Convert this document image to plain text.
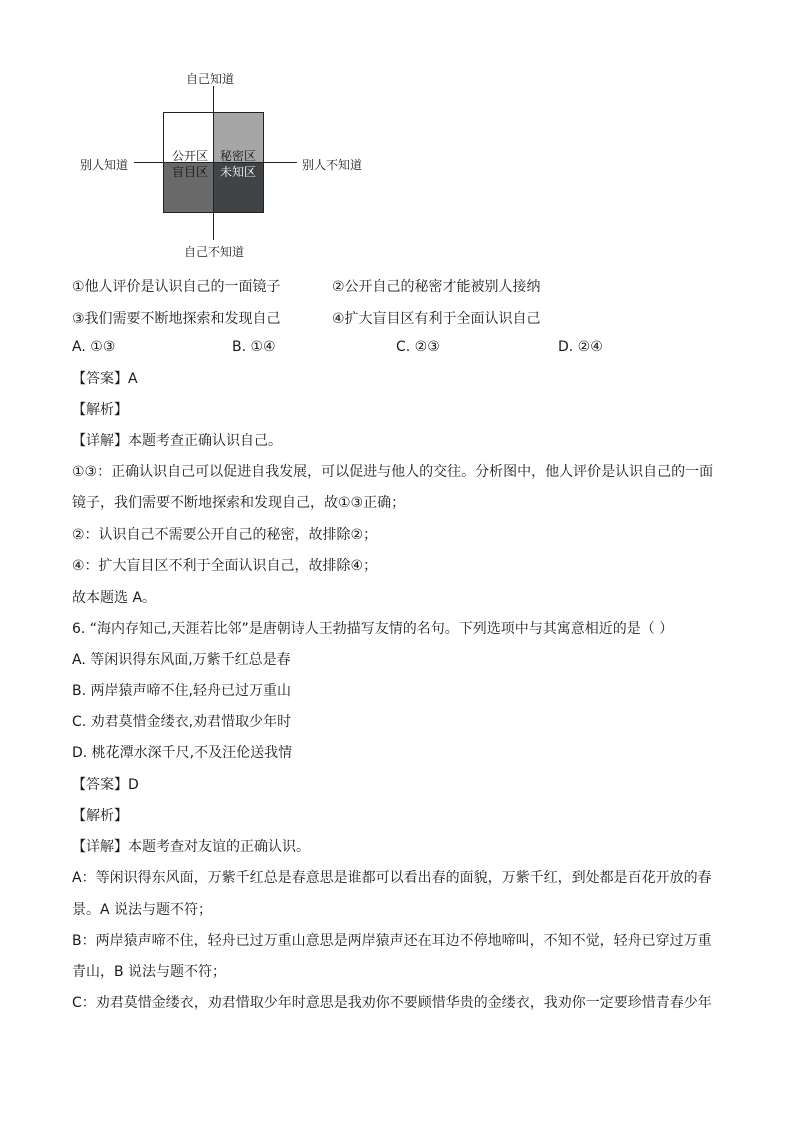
自己知道
自己不知道
别人知道	别人不知道
公开区 秘密区
盲目区 未知区
①他人评价是认识自己的一面镜子	②公开自己的秘密才能被别人接纳
③我们需要不断地探索和发现自己	④扩大盲目区有利于全面认识自己
A. ①③	B. ①④	C. ②③	D. ②④
【答案】A
【解析】
【详解】本题考查正确认识自己。
①③：正确认识自己可以促进自我发展，可以促进与他人的交往。分析图中，他人评价是认识自己的一面
镜子，我们需要不断地探索和发现自己，故①③正确；
②：认识自己不需要公开自己的秘密，故排除②；
④：扩大盲目区不利于全面认识自己，故排除④；
故本题选 A。
6. “海内存知己,天涯若比邻”是唐朝诗人王勃描写友情的名句。下列选项中与其寓意相近的是（ ）
A. 等闲识得东风面,万紫千红总是春
B. 两岸猿声啼不住,轻舟已过万重山
C. 劝君莫惜金缕衣,劝君惜取少年时
D. 桃花潭水深千尺,不及汪伦送我情
【答案】D
【解析】
【详解】本题考查对友谊的正确认识。
A：等闲识得东风面，万紫千红总是春意思是谁都可以看出春的面貌，万紫千红，到处都是百花开放的春
景。A 说法与题不符；
B：两岸猿声啼不住，轻舟已过万重山意思是两岸猿声还在耳边不停地啼叫，不知不觉，轻舟已穿过万重
青山，B 说法与题不符；
C：劝君莫惜金缕衣，劝君惜取少年时意思是我劝你不要顾惜华贵的金缕衣，我劝你一定要珍惜青春少年
